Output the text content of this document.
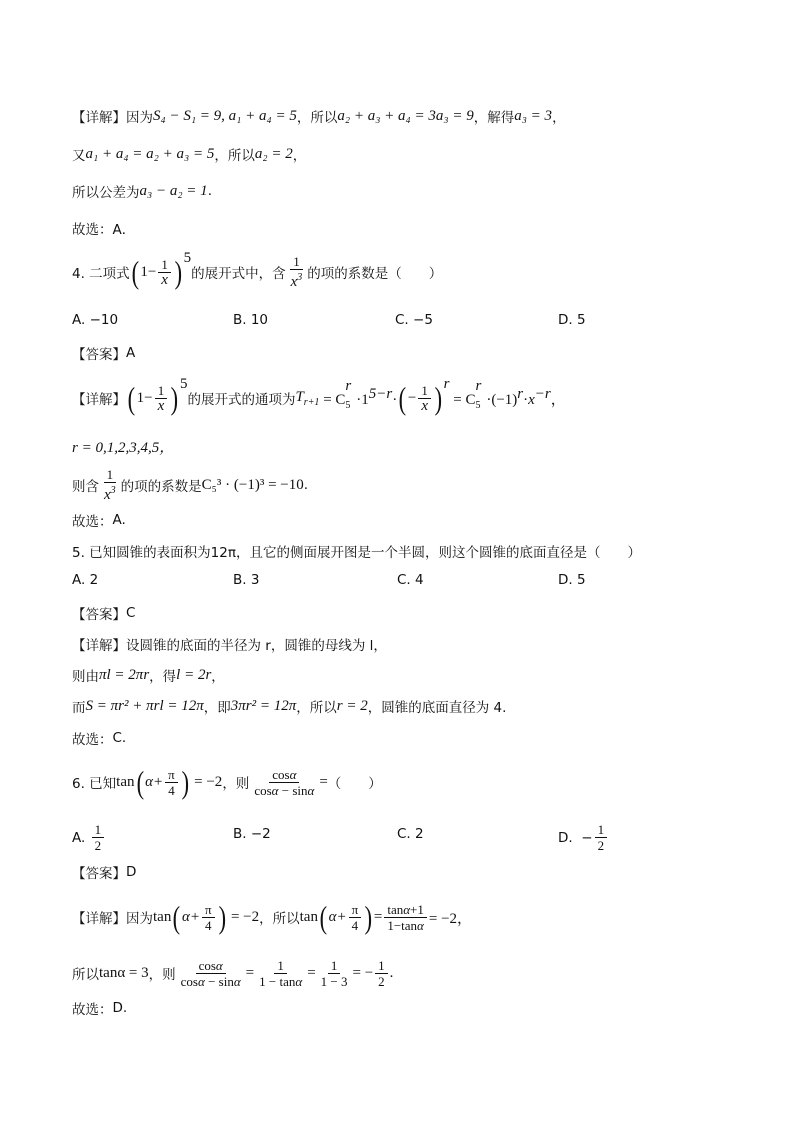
【详解】 因为 S₄ − S₁ = 9, a₁ + a₄ = 5 ，所以 a₂ + a₃ + a₄ = 3a₃ = 9 ，解得 a₃ = 3 ，
又 a₁ + a₄ = a₂ + a₃ = 5 ，所以 a₂ = 2 ，
所以公差为 a₃ − a₂ = 1 .
故选： A．
4. 二项式 ( $1- \frac{1}{x} )^5$
的展开式中，含 $\frac{1}{x^3}$ 的项的系数是（　　）
A. −10	B. 10	C. −5	D. 5
【答案】 A
【详解】 ( $1- \frac{1}{x} )^5$
的展开式的通项为 $T_{r+1} = C_5^r\cdot 1^{5-r}\cdot$ ( − $\frac{1}{x} )^r$
= $C_5^r\cdot(-1)^r\cdot x^{-r}$，
r = 0,1,2,3,4,5，
则含 $\frac{1}{x^3}$ 的项的系数是 C₅³ · (−1)³ = −10 .
故选： A.
5. 已知圆锥的表面积为12π，且它的侧面展开图是一个半圆，则这个圆锥的底面直径是（　　）
A. 2	B. 3	C. 4	D. 5
【答案】 C
【详解】 设圆锥的底面的半径为 r，圆锥的母线为 l，
则由 πl = 2πr ，得 l = 2r ，
而 S = πr² + πrl = 12π ，即 3πr² = 12π ，所以 r = 2 ，圆锥的底面直径为 4.
故选： C.
6. 已知 tan ( $\alpha+ \frac{\pi}{4}$ ) = −2 ，则 $\frac{\cos\alpha}{\cos\alpha - \sin\alpha}$ = （　　）
A.
$\frac{1}{2}$	B. −2	C. 2	D. − $\frac{1}{2}$
【答案】 D
【详解】 因为 tan ( $\alpha+ \frac{\pi}{4}$ ) = −2 ，所以 tan ( $\alpha+ \frac{\pi}{4}$ ) = $\frac{\tan\alpha+1}{1-\tan\alpha} = -2$，
所以 tanα = 3 ，则 $\frac{\cos\alpha}{\cos\alpha - \sin\alpha} = \frac{1}{1 - \tan\alpha} = \frac{1}{1 - 3}$ = − $\frac{1}{2}$ .
故选： D.
